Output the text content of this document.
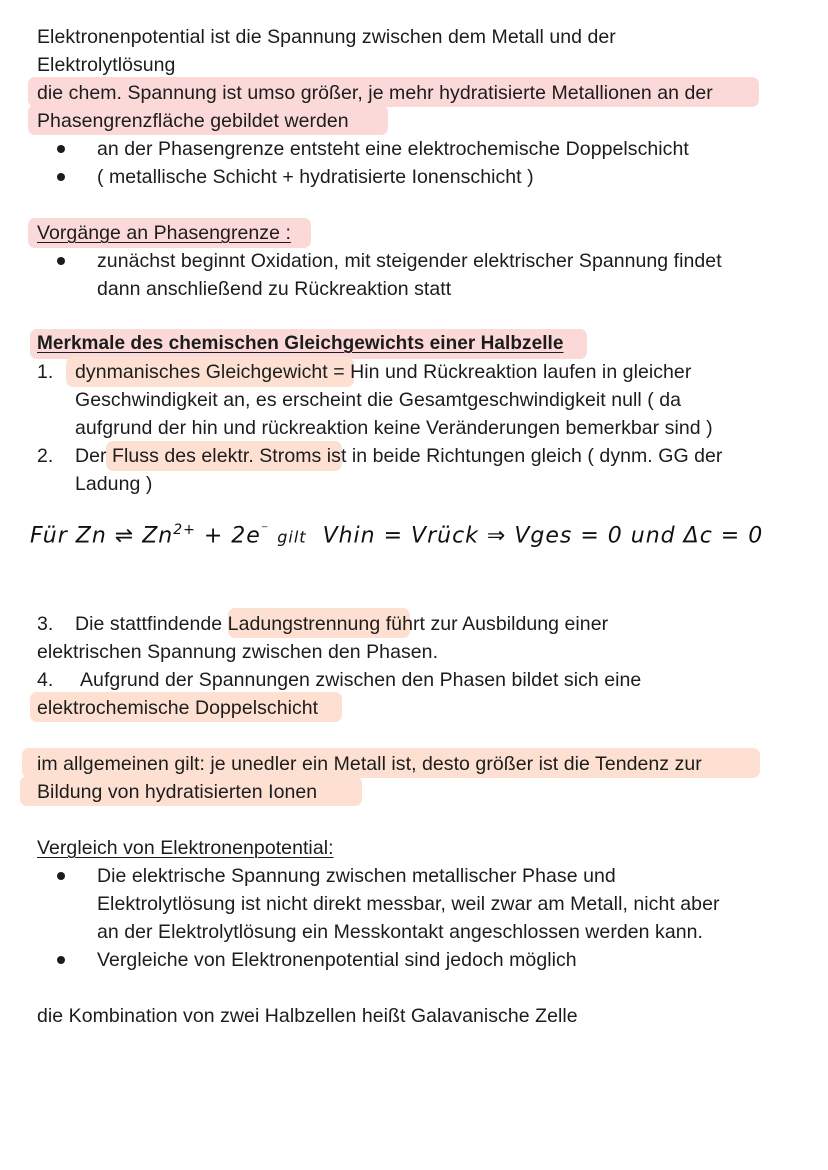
Elektronenpotential ist die Spannung zwischen dem Metall und der
Elektrolytlösung
die chem. Spannung ist umso größer, je mehr hydratisierte Metallionen an der
Phasengrenzfläche gebildet werden
an der Phasengrenze entsteht eine elektrochemische Doppelschicht
( metallische Schicht + hydratisierte Ionenschicht )
Vorgänge an Phasengrenze :
zunächst beginnt Oxidation, mit steigender elektrischer Spannung findet
dann anschließend zu Rückreaktion statt
Merkmale des chemischen Gleichgewichts einer Halbzelle
1. dynmanisches Gleichgewicht = Hin und Rückreaktion laufen in gleicher
Geschwindigkeit an, es erscheint die Gesamtgeschwindigkeit null ( da
aufgrund der hin und rückreaktion keine Veränderungen bemerkbar sind )
2. Der Fluss des elektr. Stroms ist in beide Richtungen gleich ( dynm. GG der
Ladung )
Für Zn ⇌ $Zn^{2+} + 2e^{^-}$ gilt Vhin = Vrück ⇒ Vges = 0 und Δc = 0
3. Die stattfindende Ladungstrennung führt zur Ausbildung einer
elektrischen Spannung zwischen den Phasen.
4. Aufgrund der Spannungen zwischen den Phasen bildet sich eine
elektrochemische Doppelschicht
im allgemeinen gilt: je unedler ein Metall ist, desto größer ist die Tendenz zur
Bildung von hydratisierten Ionen
Vergleich von Elektronenpotential:
Die elektrische Spannung zwischen metallischer Phase und
Elektrolytlösung ist nicht direkt messbar, weil zwar am Metall, nicht aber
an der Elektrolytlösung ein Messkontakt angeschlossen werden kann.
Vergleiche von Elektronenpotential sind jedoch möglich
die Kombination von zwei Halbzellen heißt Galavanische Zelle
